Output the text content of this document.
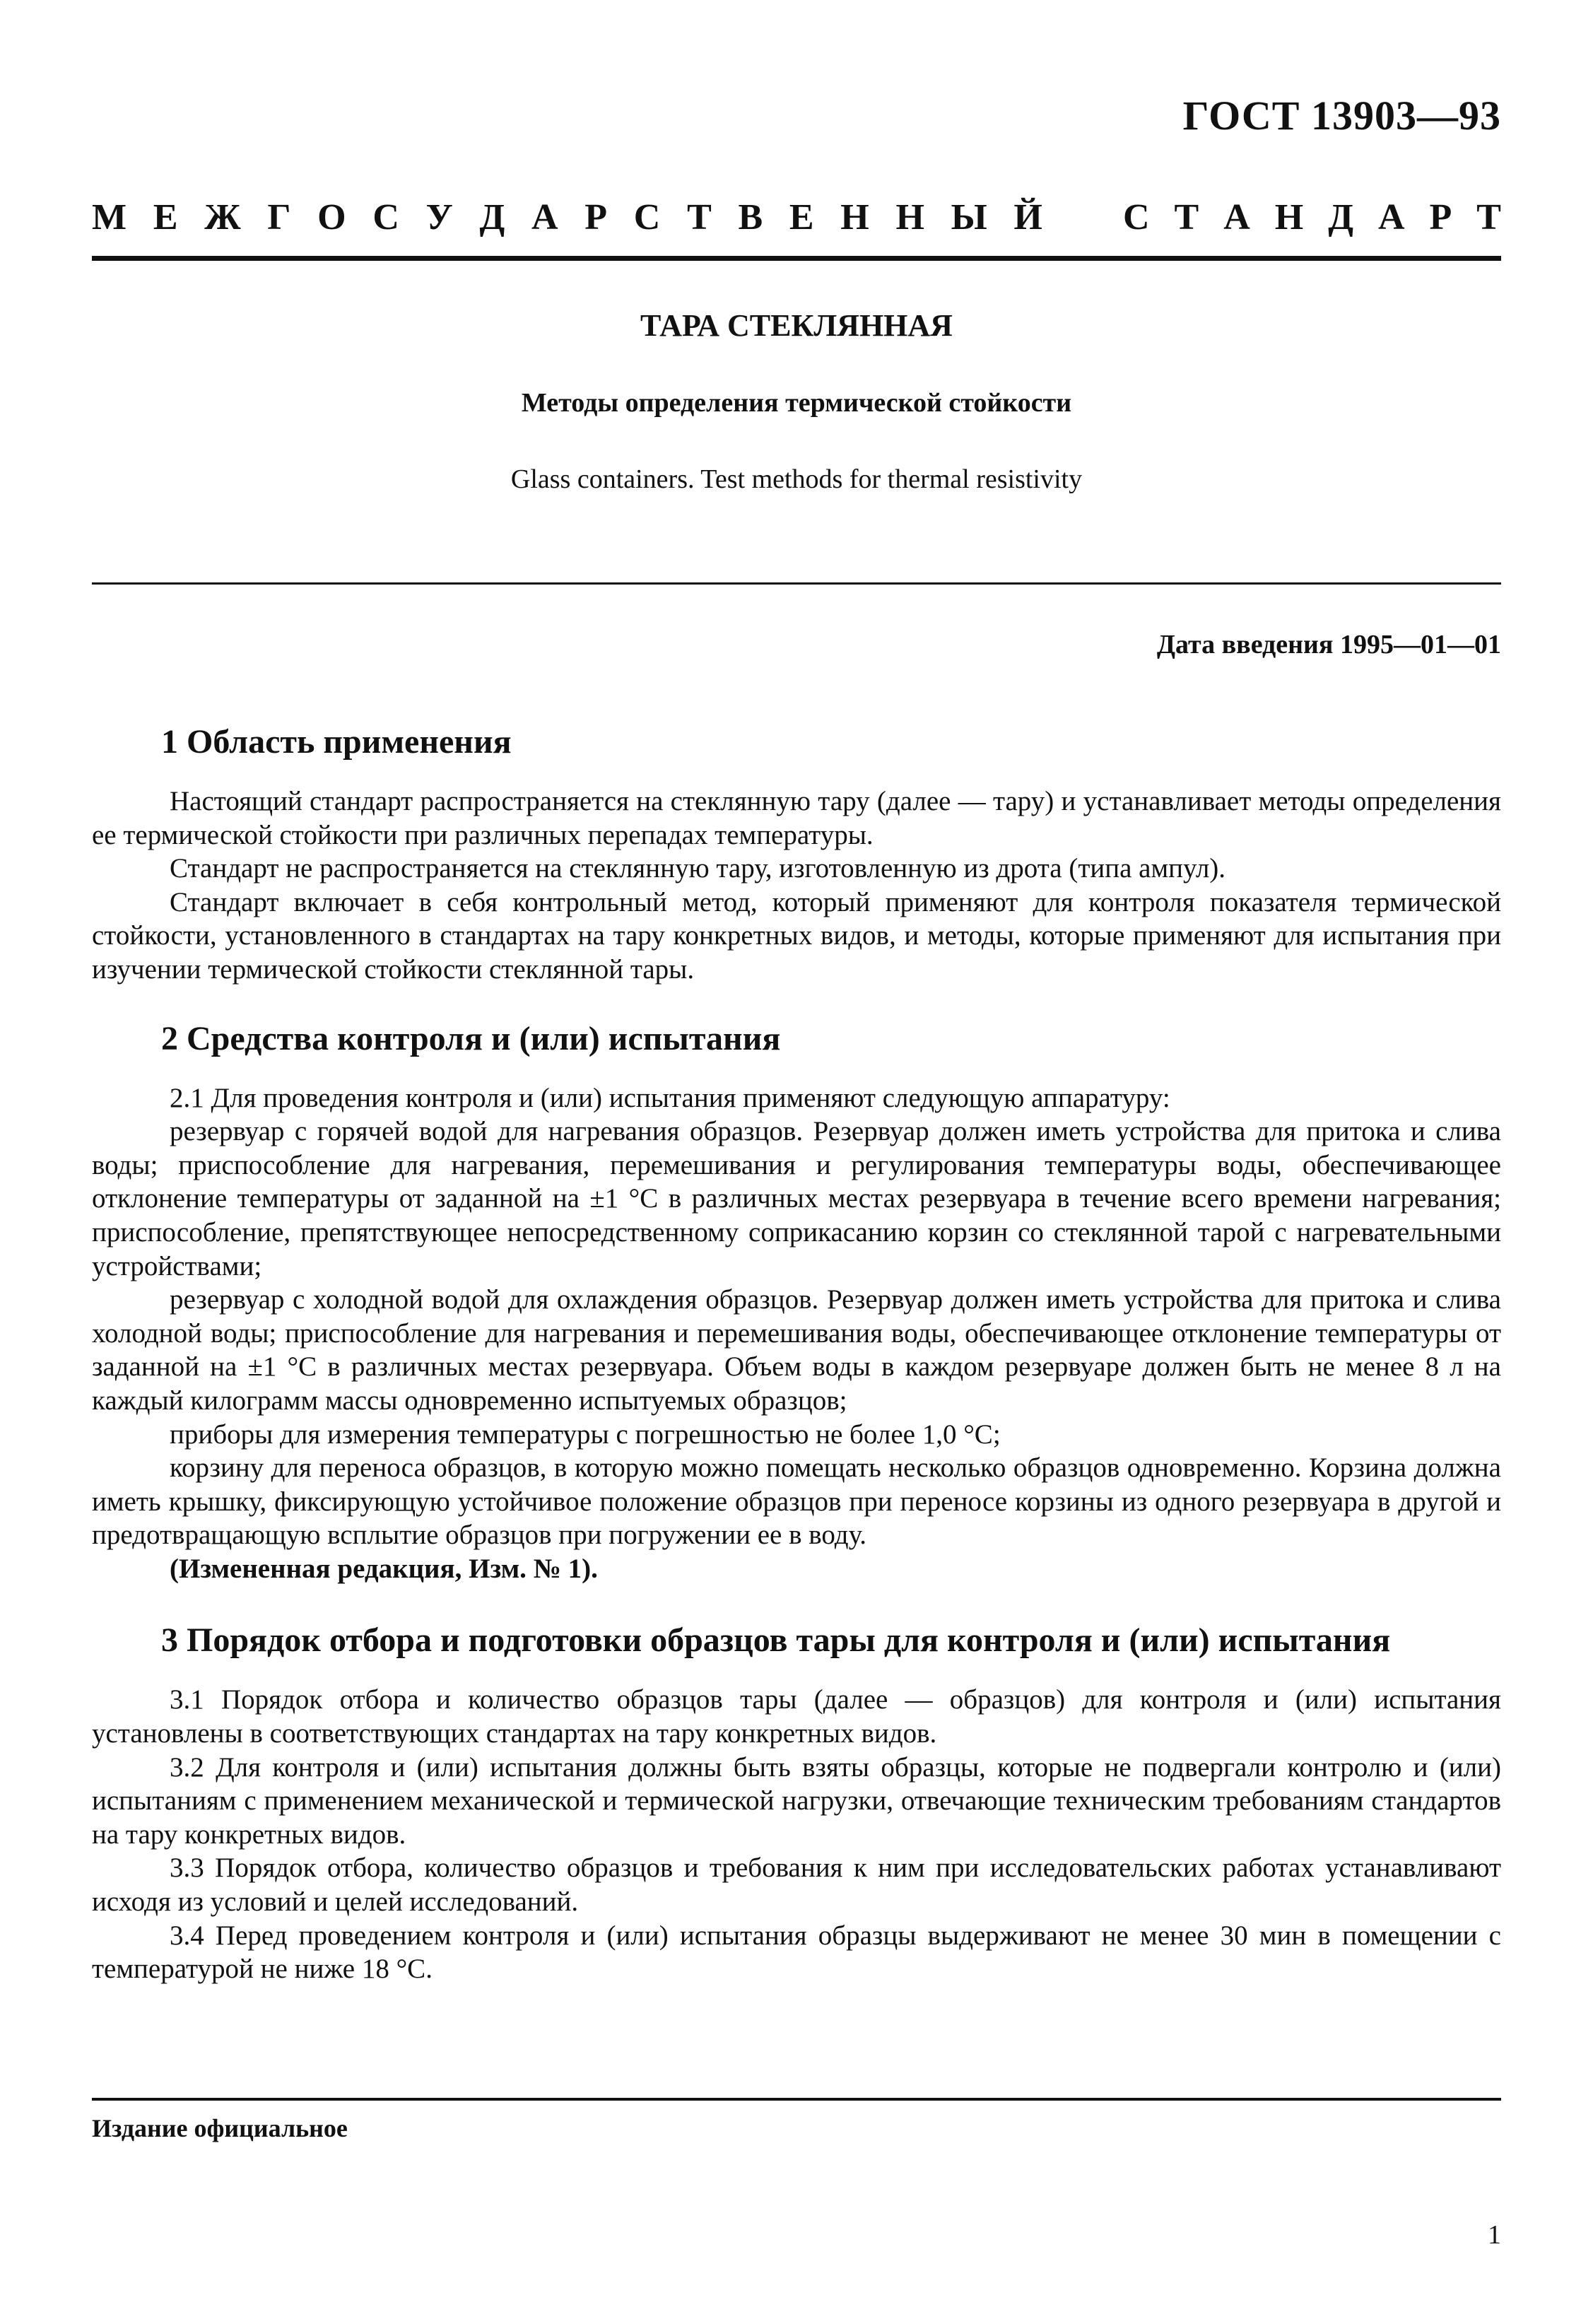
ГОСТ 13903—93
М Е Ж Г О С У Д А Р С Т В Е Н Н Ы Й С Т А Н Д А Р Т
ТАРА СТЕКЛЯННАЯ
Методы определения термической стойкости
Glass containers. Test methods for thermal resistivity
Дата введения 1995—01—01
1 Область применения

Настоящий стандарт распространяется на стеклянную тару (далее — тару) и устанавливает методы определения ее термической стойкости при различных перепадах температуры.

Стандарт не распространяется на стеклянную тару, изготовленную из дрота (типа ампул).

Стандарт включает в себя контрольный метод, который применяют для контроля показателя термической стойкости, установленного в стандартах на тару конкретных видов, и методы, которые применяют для испытания при изучении термической стойкости стеклянной тары.

2 Средства контроля и (или) испытания

2.1 Для проведения контроля и (или) испытания применяют следующую аппаратуру:

резервуар с горячей водой для нагревания образцов. Резервуар должен иметь устройства для притока и слива воды; приспособление для нагревания, перемешивания и регулирования температуры воды, обеспечивающее отклонение температуры от заданной на ±1 °С в различных местах резервуара в течение всего времени нагревания; приспособление, препятствующее непосредственному соприкасанию корзин со стеклянной тарой с нагревательными устройствами;

резервуар с холодной водой для охлаждения образцов. Резервуар должен иметь устройства для притока и слива холодной воды; приспособление для нагревания и перемешивания воды, обеспечивающее отклонение температуры от заданной на ±1 °С в различных местах резервуара. Объем воды в каждом резервуаре должен быть не менее 8 л на каждый килограмм массы одновременно испытуемых образцов;

приборы для измерения температуры с погрешностью не более 1,0 °С;

корзину для переноса образцов, в которую можно помещать несколько образцов одновременно. Корзина должна иметь крышку, фиксирующую устойчивое положение образцов при переносе корзины из одного резервуара в другой и предотвращающую всплытие образцов при погружении ее в воду.

(Измененная редакция, Изм. № 1).

3 Порядок отбора и подготовки образцов тары для контроля и (или) испытания

3.1 Порядок отбора и количество образцов тары (далее — образцов) для контроля и (или) испытания установлены в соответствующих стандартах на тару конкретных видов.

3.2 Для контроля и (или) испытания должны быть взяты образцы, которые не подвергали контролю и (или) испытаниям с применением механической и термической нагрузки, отвечающие техническим требованиям стандартов на тару конкретных видов.

3.3 Порядок отбора, количество образцов и требования к ним при исследовательских работах устанавливают исходя из условий и целей исследований.

3.4 Перед проведением контроля и (или) испытания образцы выдерживают не менее 30 мин в помещении с температурой не ниже 18 °С.

Издание официальное
1
